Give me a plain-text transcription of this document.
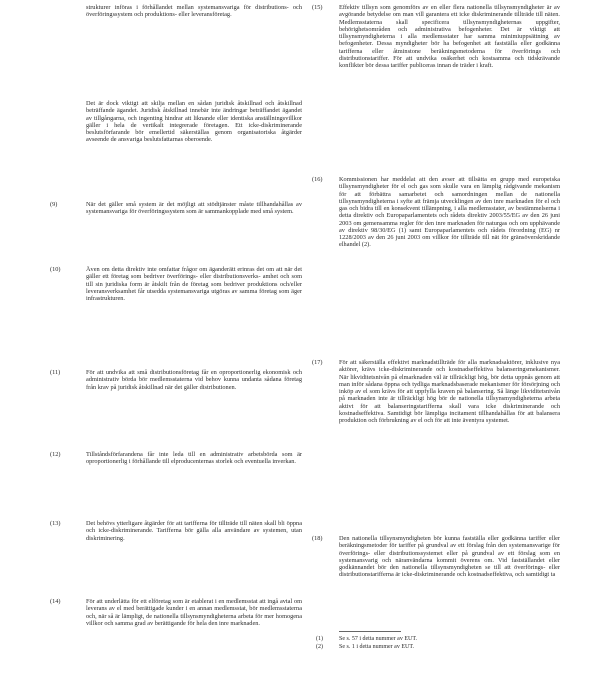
strukturer införas i förhållandet mellan systemansvariga för distributions- och överföringssystem och produktions- eller leveransföretag.

Det är dock viktigt att skilja mellan en sådan juridisk åtskillnad och åtskillnad beträffande ägandet. Juridisk åtskillnad innebär inte ändringar beträffandet ägandet av tillgångarna, och ingenting hindrar att liknande eller identiska anställningsvillkor gäller i hela de vertikalt integrerade företagen. Ett icke-diskriminerande beslutsförfarande bör emellertid säkerställas genom organisatoriska åtgärder avseende de ansvariga beslutsfattarnas oberoende.

(9)	När det gäller små system är det möjligt att stödtjänster måste tillhandahållas av systemansvariga för överföringssystem som är sammankopplade med små system.

(10)	Även om detta direktiv inte omfattar frågor om äganderätt erinras det om att när det gäller ett företag som bedriver överförings- eller distributionsverks- amhet och som till sin juridiska form är åtskilt från de företag som bedriver produktions och/eller leveransverksamhet får utsedda systemansvariga utgöras av samma företag som äger infrastrukturen.

(11)	För att undvika att små distributionsföretag får en oproportionerlig ekonomisk och administrativ börda bör medlemsstaterna vid behov kunna undanta sådana företag från krav på juridisk åtskillnad när det gäller distributionen.

(12)	Tillståndsförfarandena får inte leda till en administrativ arbetsbörda som är oproportionerlig i förhållande till elproducenternas storlek och eventuella inverkan.

(13)	Det behövs ytterligare åtgärder för att tarifferna för tillträde till näten skall bli öppna och icke-diskriminerande. Tarifferna bör gälla alla användare av systemen, utan diskriminering.

(14)	För att underlätta för ett elföretag som är etablerat i en medlemsstat att ingå avtal om leverans av el med berättigade kunder i en annan medlemsstat, bör medlemsstaterna och, när så är lämpligt, de nationella tillsynsmyndigheterna arbeta för mer homogena villkor och samma grad av berättigande för hela den inre marknaden.

(15)	Effektiv tillsyn som genomförs av en eller flera nationella tillsynsmyndigheter är av avgörande betydelse om man vill garantera ett icke diskriminerande tillträde till näten. Medlemsstaterna skall specificera tillsynsmyndigheternas uppgifter, behörighetsområden och administrativa befogenheter. Det är viktigt att tillsynsmyndigheterna i alla medlemsstater har samma minimiuppsättning av befogenheter. Dessa myndigheter bör ha befogenhet att fastställa eller godkänna tarifferna eller åtminstone beräkningsmetoderna för överförings och distributionstariffer. För att undvika osäkerhet och kostsamma och tidskrävande konflikter bör dessa tariffer publiceras innan de träder i kraft.

(16)	Kommissionen har meddelat att den avser att tillsätta en grupp med europeiska tillsynsmyndigheter för el och gas som skulle vara en lämplig rådgivande mekanism för att förbättra samarbetet och samordningen mellan de nationella tillsynsmyndigheterna i syfte att främja utvecklingen av den inre marknaden för el och gas och bidra till en konsekvent tillämpning, i alla medlemsstater, av bestämmelserna i detta direktiv och Europaparlamentets och rådets direktiv 2003/55/EG av den 26 juni 2003 om gemensamma regler för den inre marknaden för naturgas och om upphävande av direktiv 98/30/EG (1) samt Europaparlamentets och rådets förordning (EG) nr 1228/2003 av den 26 juni 2003 om villkor för tillträde till nät för gränsöverskridande elhandel (2).

(17)	För att säkerställa effektivt marknadstillträde för alla marknadsaktörer, inklusive nya aktörer, krävs icke-diskriminerande och kostnadseffektiva balanseringsmekanismer. När likviditetsnivån på elmarknaden väl är tillräckligt hög, bör detta uppnås genom att man inför sådana öppna och tydliga marknadsbaserade mekanismer för försörjning och inköp av el som krävs för att uppfylla kraven på balansering. Så länge likviditetsnivån på marknaden inte är tillräckligt hög bör de nationella tillsynsmyndigheterna arbeta aktivt för att balanseringstarifferna skall vara icke diskriminerande och kostnadseffektiva. Samtidigt bör lämpliga incitament tillhandahållas för att balansera produktion och förbrukning av el och för att inte äventyra systemet.

(18)	Den nationella tillsynsmyndigheten bör kunna fastställa eller godkänna tariffer eller beräkningsmetoder för tariffer på grundval av ett förslag från den systemansvarige för överförings- eller distributionssystemet eller på grundval av ett förslag som en systemansvarig och näranvändarna kommit överens om. Vid fastställandet eller godkännandet bör den nationella tillsynsmyndigheten se till att överförings- eller distributionstarifferna är icke-diskriminerande och kostnadseffektiva, och samtidigt ta

(1)	Se s. 57 i detta nummer av EUT.
(2)	Se s. 1 i detta nummer av EUT.
